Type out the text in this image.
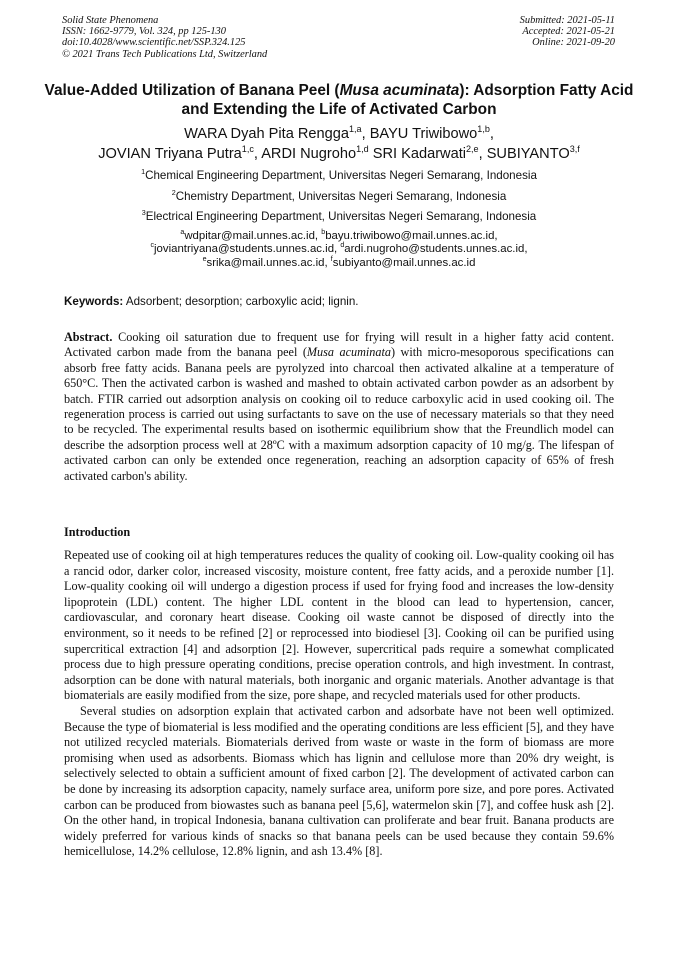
Solid State Phenomena
ISSN: 1662-9779, Vol. 324, pp 125-130
doi:10.4028/www.scientific.net/SSP.324.125
© 2021 Trans Tech Publications Ltd, Switzerland
Submitted: 2021-05-11
Accepted: 2021-05-21
Online: 2021-09-20
Value-Added Utilization of Banana Peel (Musa acuminata): Adsorption Fatty Acid and Extending the Life of Activated Carbon
WARA Dyah Pita Rengga$^{1,a}$, BAYU Triwibowo$^{1,b}$,
JOVIAN Triyana Putra$^{1,c}$, ARDI Nugroho$^{1,d}$ SRI Kadarwati$^{2,e}$, SUBIYANTO$^{3,f}$
$^1$Chemical Engineering Department, Universitas Negeri Semarang, Indonesia
$^2$Chemistry Department, Universitas Negeri Semarang, Indonesia
$^3$Electrical Engineering Department, Universitas Negeri Semarang, Indonesia
$^a$wdpitar@mail.unnes.ac.id, $^b$bayu.triwibowo@mail.unnes.ac.id,
$^c$joviantriyana@students.unnes.ac.id, $^d$ardi.nugroho@students.unnes.ac.id,
$^e$srika@mail.unnes.ac.id, $^f$subiyanto@mail.unnes.ac.id
Keywords: Adsorbent; desorption; carboxylic acid; lignin.
Abstract. Cooking oil saturation due to frequent use for frying will result in a higher fatty acid content. Activated carbon made from the banana peel (Musa acuminata) with micro-mesoporous specifications can absorb free fatty acids. Banana peels are pyrolyzed into charcoal then activated alkaline at a temperature of 650°C. Then the activated carbon is washed and mashed to obtain activated carbon powder as an adsorbent by batch. FTIR carried out adsorption analysis on cooking oil to reduce carboxylic acid in used cooking oil. The regeneration process is carried out using surfactants to save on the use of necessary materials so that they need to be recycled. The experimental results based on isothermic equilibrium show that the Freundlich model can describe the adsorption process well at 28ºC with a maximum adsorption capacity of 10 mg/g. The lifespan of activated carbon can only be extended once regeneration, reaching an adsorption capacity of 65% of fresh activated carbon's ability.
Introduction

Repeated use of cooking oil at high temperatures reduces the quality of cooking oil. Low-quality cooking oil has a rancid odor, darker color, increased viscosity, moisture content, free fatty acids, and a peroxide number [1]. Low-quality cooking oil will undergo a digestion process if used for frying food and increases the low-density lipoprotein (LDL) content. The higher LDL content in the blood can lead to hypertension, cancer, cardiovascular, and coronary heart disease. Cooking oil waste cannot be disposed of directly into the environment, so it needs to be refined [2] or reprocessed into biodiesel [3]. Cooking oil can be purified using supercritical extraction [4] and adsorption [2]. However, supercritical pads require a somewhat complicated process due to high pressure operating conditions, precise operation controls, and high investment. In contrast, adsorption can be done with natural materials, both inorganic and organic materials. Another advantage is that biomaterials are easily modified from the size, pore shape, and recycled materials used for other products.

Several studies on adsorption explain that activated carbon and adsorbate have not been well optimized. Because the type of biomaterial is less modified and the operating conditions are less efficient [5], and they have not utilized recycled materials. Biomaterials derived from waste or waste in the form of biomass are more promising when used as adsorbents. Biomass which has lignin and cellulose more than 20% dry weight, is selectively selected to obtain a sufficient amount of fixed carbon [2]. The development of activated carbon can be done by increasing its adsorption capacity, namely surface area, uniform pore size, and pore pores. Activated carbon can be produced from biowastes such as banana peel [5,6], watermelon skin [7], and coffee husk ash [2]. On the other hand, in tropical Indonesia, banana cultivation can proliferate and bear fruit. Banana products are widely preferred for various kinds of snacks so that banana peels can be used because they contain 59.6% hemicellulose, 14.2% cellulose, 12.8% lignin, and ash 13.4% [8].
